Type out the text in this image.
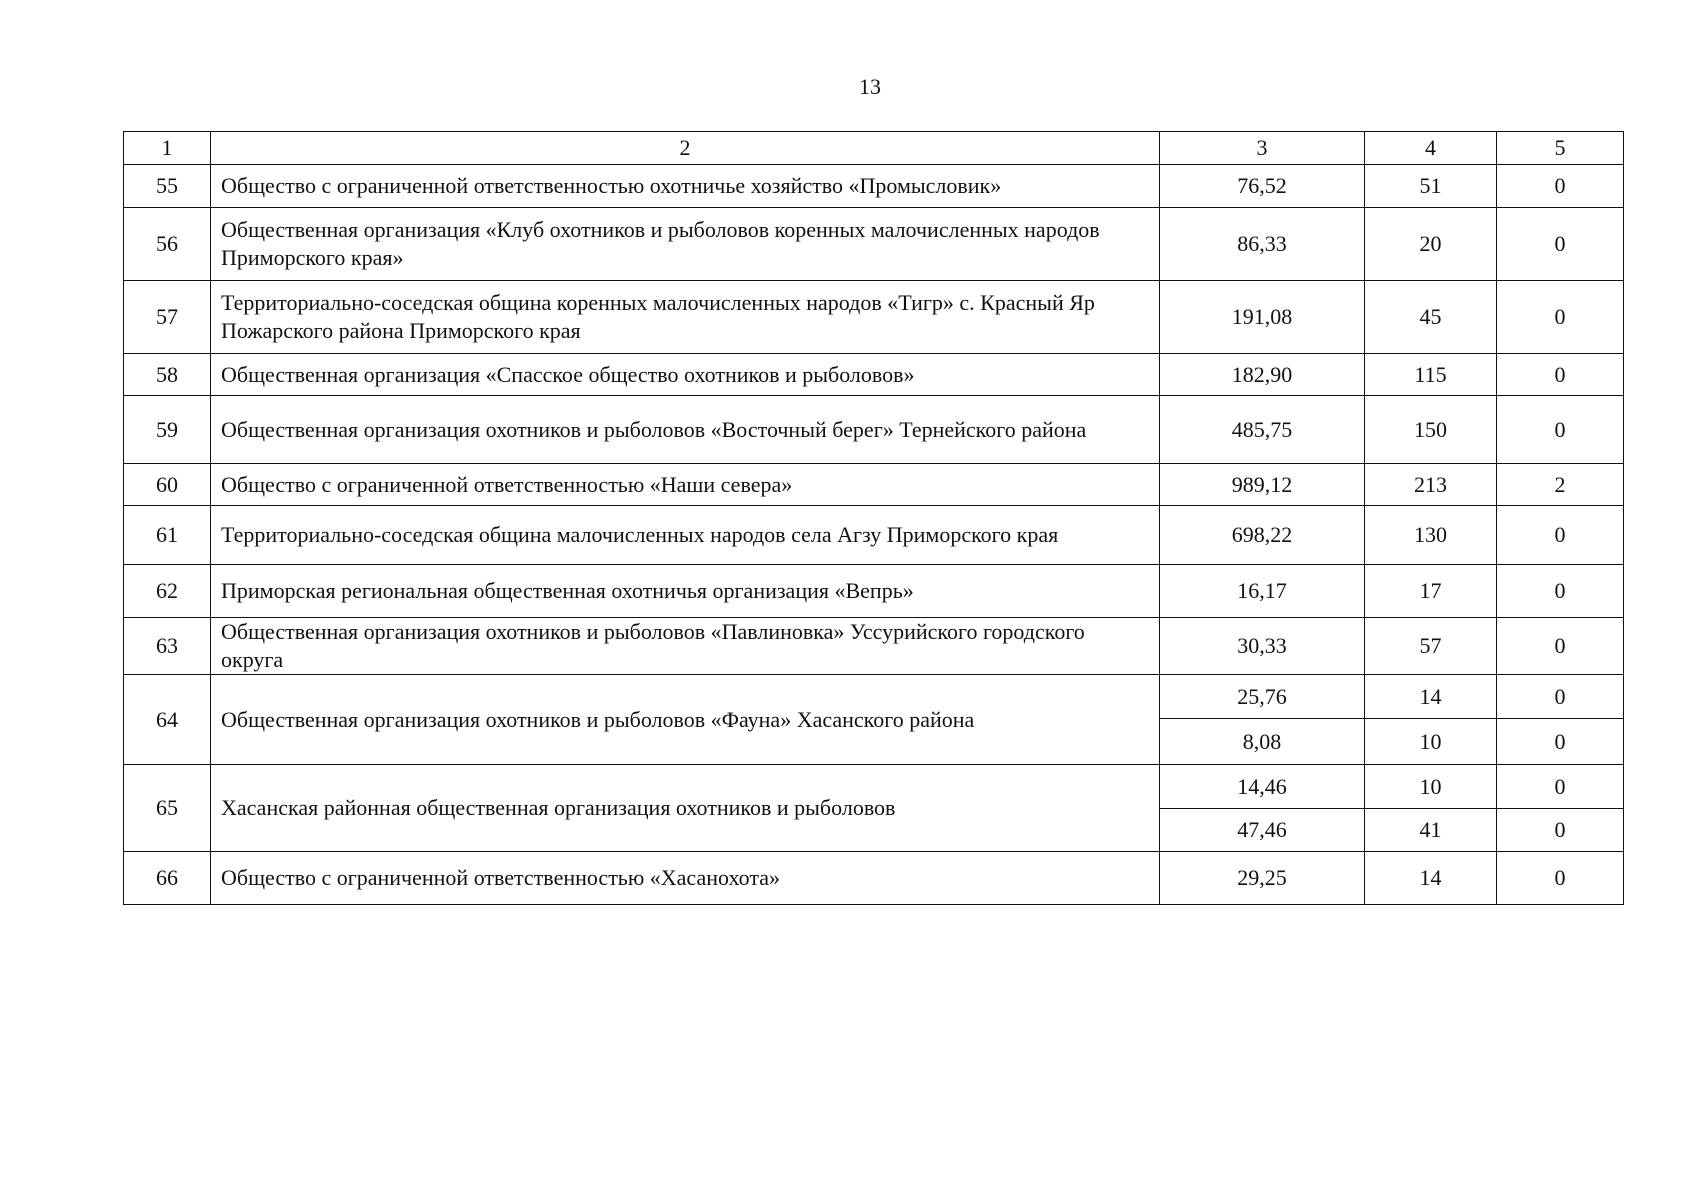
13
1	2	3	4	5
55	Общество с ограниченной ответственностью охотничье хозяйство «Промысловик»	76,52	51	0
56	Общественная организация «Клуб охотников и рыболовов коренных малочисленных народов Приморского края»	86,33	20	0
57	Территориально-соседская община коренных малочисленных народов «Тигр» с. Красный Яр Пожарского района Приморского края	191,08	45	0
58	Общественная организация «Спасское общество охотников и рыболовов»	182,90	115	0
59	Общественная организация охотников и рыболовов «Восточный берег» Тернейского района	485,75	150	0
60	Общество с ограниченной ответственностью «Наши севера»	989,12	213	2
61	Территориально-соседская община малочисленных народов села Агзу Приморского края	698,22	130	0
62	Приморская региональная общественная охотничья организация «Вепрь»	16,17	17	0
63	Общественная организация охотников и рыболовов «Павлиновка» Уссурийского городского округа	30,33	57	0
64	Общественная организация охотников и рыболовов «Фауна» Хасанского района	25,76	14	0
		8,08	10	0
65	Хасанская районная общественная организация охотников и рыболовов	14,46	10	0
		47,46	41	0
66	Общество с ограниченной ответственностью «Хасанохота»	29,25	14	0
